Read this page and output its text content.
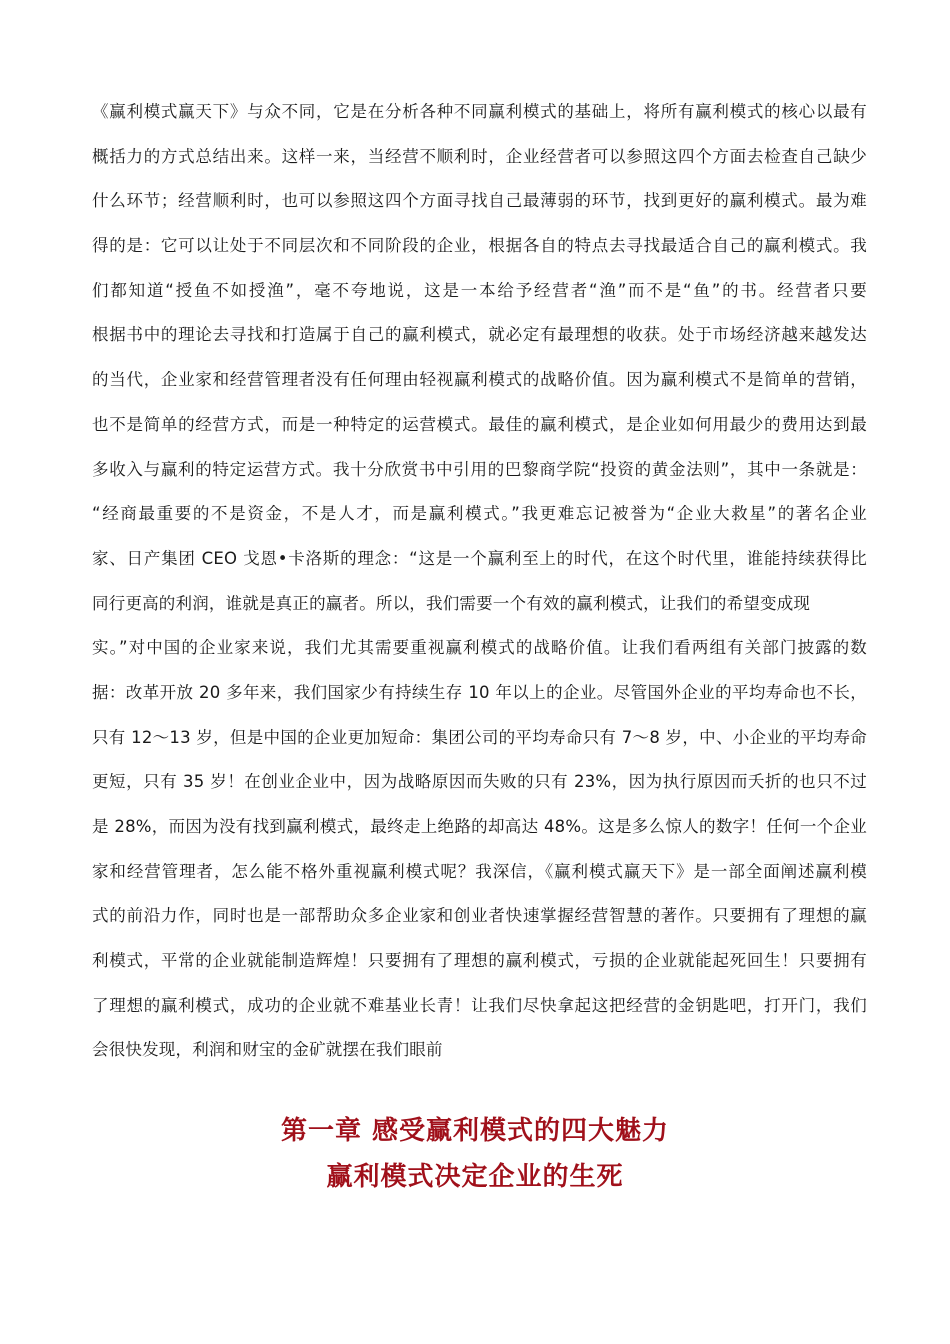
《赢利模式赢天下》与众不同，它是在分析各种不同赢利模式的基础上，将所有赢利模式的核心以最有
概括力的方式总结出来。这样一来，当经营不顺利时，企业经营者可以参照这四个方面去检查自己缺少
什么环节；经营顺利时，也可以参照这四个方面寻找自己最薄弱的环节，找到更好的赢利模式。最为难
得的是：它可以让处于不同层次和不同阶段的企业，根据各自的特点去寻找最适合自己的赢利模式。我
们都知道“授鱼不如授渔”，毫不夸地说，这是一本给予经营者“渔”而不是“鱼”的书。经营者只要
根据书中的理论去寻找和打造属于自己的赢利模式，就必定有最理想的收获。处于市场经济越来越发达
的当代，企业家和经营管理者没有任何理由轻视赢利模式的战略价值。因为赢利模式不是简单的营销，
也不是简单的经营方式，而是一种特定的运营模式。最佳的赢利模式，是企业如何用最少的费用达到最
多收入与赢利的特定运营方式。我十分欣赏书中引用的巴黎商学院“投资的黄金法则”，其中一条就是：
“经商最重要的不是资金，不是人才，而是赢利模式。”我更难忘记被誉为“企业大救星”的著名企业
家、日产集团 CEO 戈恩•卡洛斯的理念：“这是一个赢利至上的时代，在这个时代里，谁能持续获得比
同行更高的利润，谁就是真正的赢者。所以，我们需要一个有效的赢利模式，让我们的希望变成现
实。”对中国的企业家来说，我们尤其需要重视赢利模式的战略价值。让我们看两组有关部门披露的数
据：改革开放 20 多年来，我们国家少有持续生存 10 年以上的企业。尽管国外企业的平均寿命也不长，
只有 12～13 岁，但是中国的企业更加短命：集团公司的平均寿命只有 7～8 岁，中、小企业的平均寿命
更短，只有 35 岁！在创业企业中，因为战略原因而失败的只有 23%，因为执行原因而夭折的也只不过
是 28%，而因为没有找到赢利模式，最终走上绝路的却高达 48%。这是多么惊人的数字！任何一个企业
家和经营管理者，怎么能不格外重视赢利模式呢？我深信，《赢利模式赢天下》是一部全面阐述赢利模
式的前沿力作，同时也是一部帮助众多企业家和创业者快速掌握经营智慧的著作。只要拥有了理想的赢
利模式，平常的企业就能制造辉煌！只要拥有了理想的赢利模式，亏损的企业就能起死回生！只要拥有
了理想的赢利模式，成功的企业就不难基业长青！让我们尽快拿起这把经营的金钥匙吧，打开门，我们
会很快发现，利润和财宝的金矿就摆在我们眼前
第一章 感受赢利模式的四大魅力
赢利模式决定企业的生死
